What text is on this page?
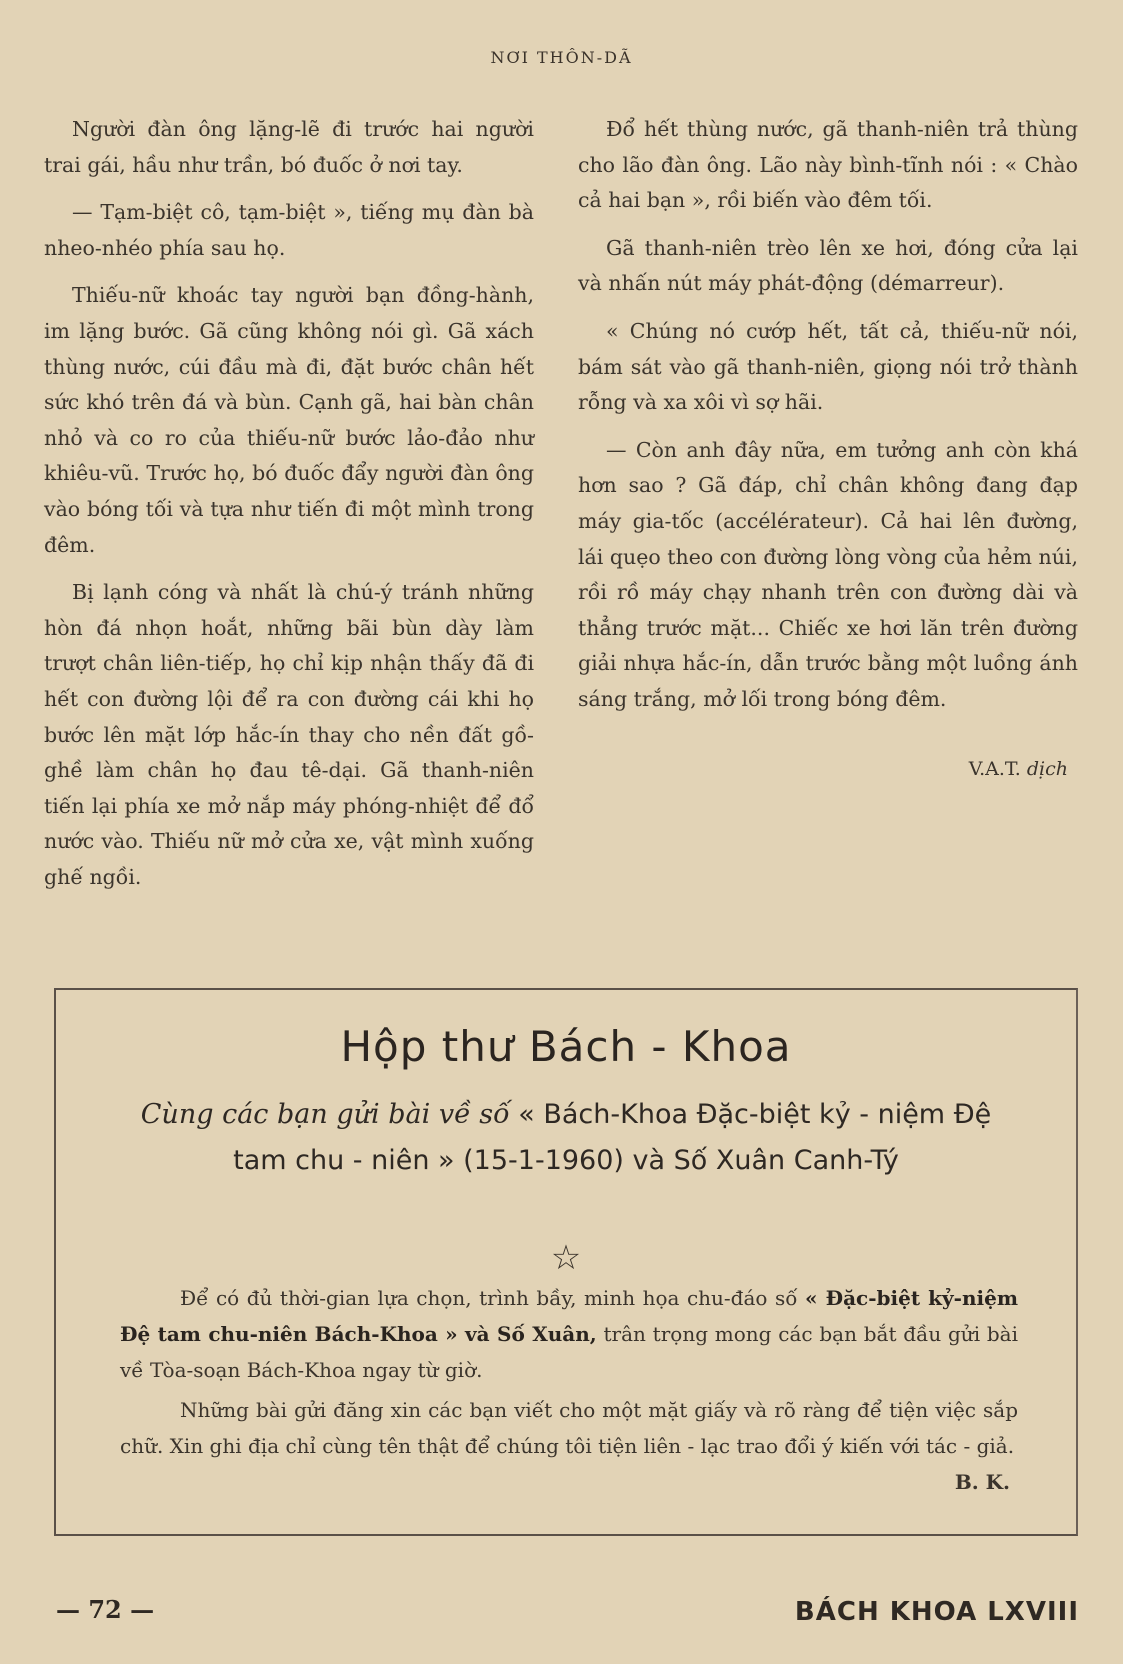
NƠI THÔN-DÃ

Người đàn ông lặng-lẽ đi trước hai người trai gái, hầu như trần, bó đuốc ở nơi tay.

— Tạm-biệt cô, tạm-biệt », tiếng mụ đàn bà nheo-nhéo phía sau họ.

Thiếu-nữ khoác tay người bạn đồng-hành, im lặng bước. Gã cũng không nói gì. Gã xách thùng nước, cúi đầu mà đi, đặt bước chân hết sức khó trên đá và bùn. Cạnh gã, hai bàn chân nhỏ và co ro của thiếu-nữ bước lảo-đảo như khiêu-vũ. Trước họ, bó đuốc đẩy người đàn ông vào bóng tối và tựa như tiến đi một mình trong đêm.

Bị lạnh cóng và nhất là chú-ý tránh những hòn đá nhọn hoắt, những bãi bùn dày làm trượt chân liên-tiếp, họ chỉ kịp nhận thấy đã đi hết con đường lội để ra con đường cái khi họ bước lên mặt lớp hắc-ín thay cho nền đất gồ-ghề làm chân họ đau tê-dại. Gã thanh-niên tiến lại phía xe mở nắp máy phóng-nhiệt để đổ nước vào. Thiếu nữ mở cửa xe, vật mình xuống ghế ngồi.

Đổ hết thùng nước, gã thanh-niên trả thùng cho lão đàn ông. Lão này bình-tĩnh nói : « Chào cả hai bạn », rồi biến vào đêm tối.

Gã thanh-niên trèo lên xe hơi, đóng cửa lại và nhấn nút máy phát-động (démarreur).

« Chúng nó cướp hết, tất cả, thiếu-nữ nói, bám sát vào gã thanh-niên, giọng nói trở thành rỗng và xa xôi vì sợ hãi.

— Còn anh đây nữa, em tưởng anh còn khá hơn sao ? Gã đáp, chỉ chân không đang đạp máy gia-tốc (accélérateur). Cả hai lên đường, lái quẹo theo con đường lòng vòng của hẻm núi, rồi rồ máy chạy nhanh trên con đường dài và thẳng trước mặt... Chiếc xe hơi lăn trên đường giải nhựa hắc-ín, dẫn trước bằng một luồng ánh sáng trắng, mở lối trong bóng đêm.

V.A.T. dịch
Hộp thư Bách - Khoa
Cùng các bạn gửi bài về số « Bách-Khoa Đặc-biệt kỷ - niệm Đệ tam chu - niên » (15-1-1960) và Số Xuân Canh-Tý
☆

Để có đủ thời-gian lựa chọn, trình bầy, minh họa chu-đáo số « Đặc-biệt kỷ-niệm Đệ tam chu-niên Bách-Khoa » và Số Xuân, trân trọng mong các bạn bắt đầu gửi bài về Tòa-soạn Bách-Khoa ngay từ giờ.

Những bài gửi đăng xin các bạn viết cho một mặt giấy và rõ ràng để tiện việc sắp chữ. Xin ghi địa chỉ cùng tên thật để chúng tôi tiện liên - lạc trao đổi ý kiến với tác - giả.
B. K.

— 72 —	BÁCH KHOA LXVIII
